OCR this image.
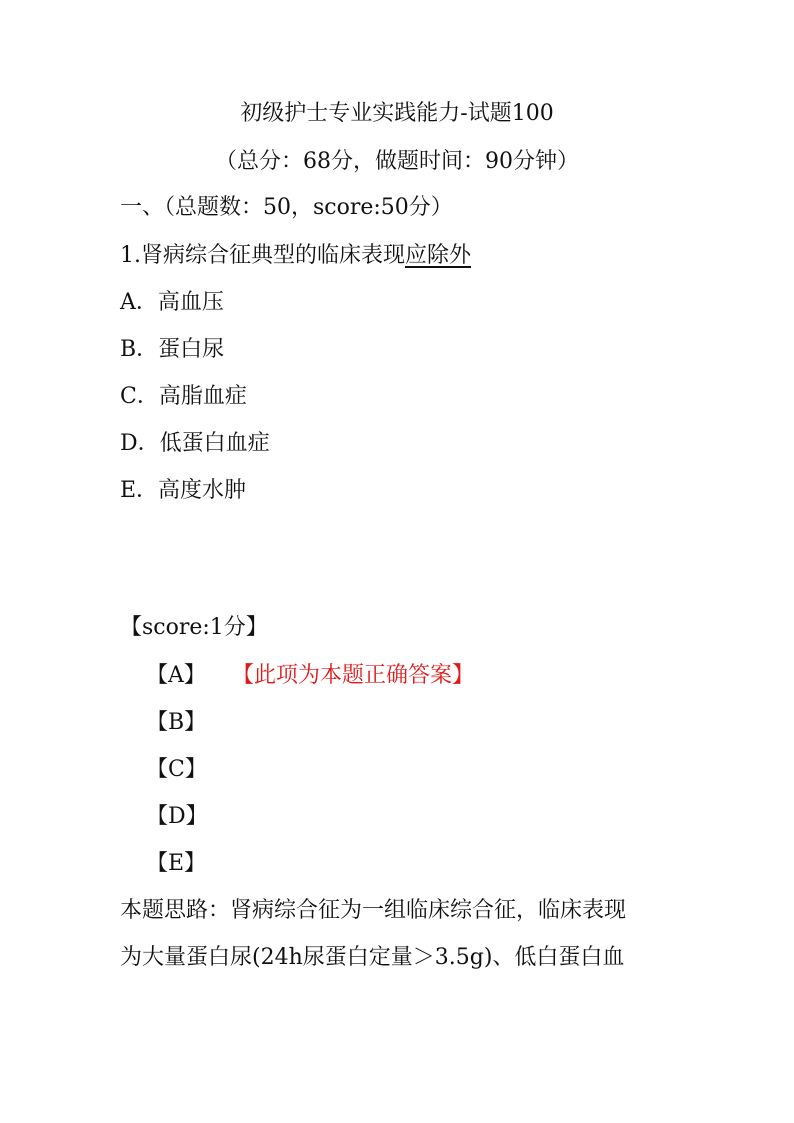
初级护士专业实践能力-试题100
（总分：68分，做题时间：90分钟）
一、（总题数：50，score:50分）
1.肾病综合征典型的临床表现应除外
A．高血压
B．蛋白尿
C．高脂血症
D．低蛋白血症
E．高度水肿
【score:1分】
【A】 【此项为本题正确答案】
【B】
【C】
【D】
【E】
本题思路：肾病综合征为一组临床综合征，临床表现
为大量蛋白尿(24h尿蛋白定量＞3.5g)、低白蛋白血
